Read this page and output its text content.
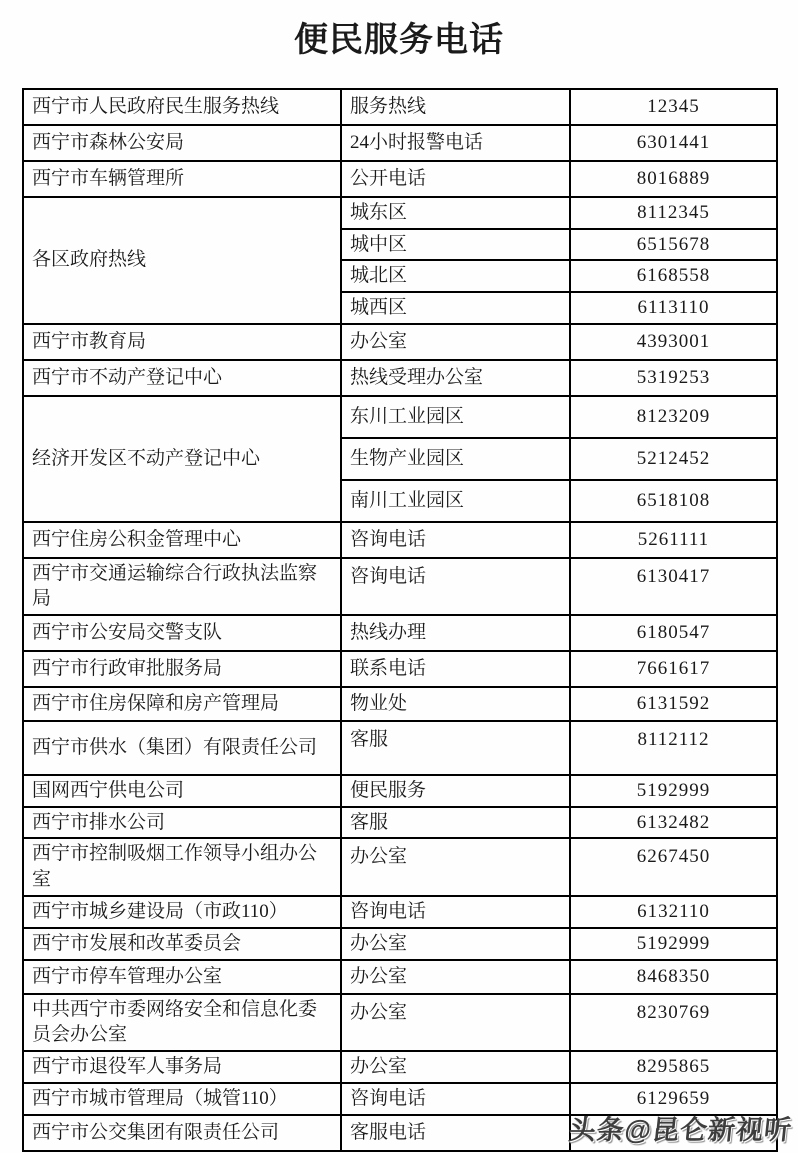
便民服务电话
西宁市人民政府民生服务热线	服务热线	12345
西宁市森林公安局	24小时报警电话	6301441
西宁市车辆管理所	公开电话	8016889
各区政府热线	城东区	8112345
	城中区	6515678
	城北区	6168558
	城西区	6113110
西宁市教育局	办公室	4393001
西宁市不动产登记中心	热线受理办公室	5319253
经济开发区不动产登记中心	东川工业园区	8123209
	生物产业园区	5212452
	南川工业园区	6518108
西宁住房公积金管理中心	咨询电话	5261111
西宁市交通运输综合行政执法监察局	咨询电话	6130417
西宁市公安局交警支队	热线办理	6180547
西宁市行政审批服务局	联系电话	7661617
西宁市住房保障和房产管理局	物业处	6131592
西宁市供水（集团）有限责任公司	客服	8112112
国网西宁供电公司	便民服务	5192999
西宁市排水公司	客服	6132482
西宁市控制吸烟工作领导小组办公室	办公室	6267450
西宁市城乡建设局（市政110）	咨询电话	6132110
西宁市发展和改革委员会	办公室	5192999
西宁市停车管理办公室	办公室	8468350
中共西宁市委网络安全和信息化委员会办公室	办公室	8230769
西宁市退役军人事务局	办公室	8295865
西宁市城市管理局（城管110）	咨询电话	6129659
西宁市公交集团有限责任公司	客服电话		头条@昆仑新视听
